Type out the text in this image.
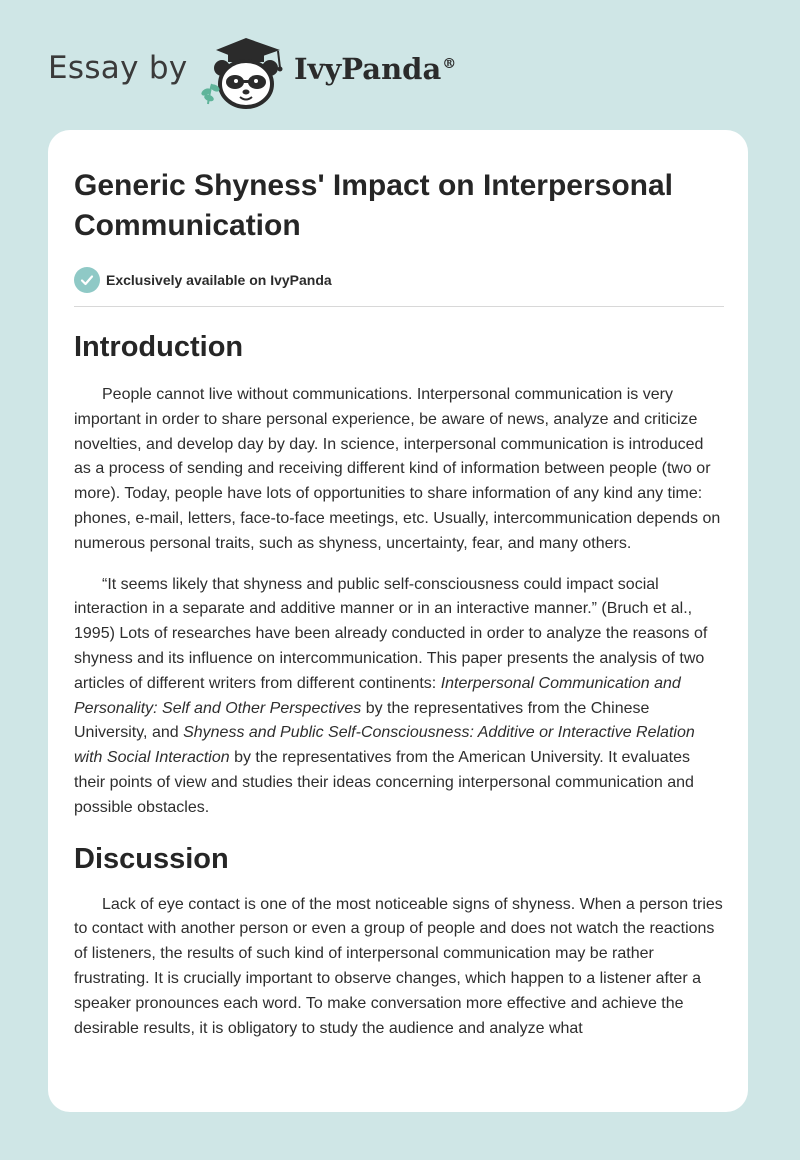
Essay by	IvyPanda®
Generic Shyness' Impact on Interpersonal Communication
Exclusively available on IvyPanda
Introduction

People cannot live without communications. Interpersonal communication is very important in order to share personal experience, be aware of news, analyze and criticize novelties, and develop day by day. In science, interpersonal communication is introduced as a process of sending and receiving different kind of information between people (two or more). Today, people have lots of opportunities to share information of any kind any time: phones, e-mail, letters, face-to-face meetings, etc. Usually, intercommunication depends on numerous personal traits, such as shyness, uncertainty, fear, and many others.

“It seems likely that shyness and public self-consciousness could impact social interaction in a separate and additive manner or in an interactive manner.” (Bruch et al., 1995) Lots of researches have been already conducted in order to analyze the reasons of shyness and its influence on intercommunication. This paper presents the analysis of two articles of different writers from different continents: Interpersonal Communication and Personality: Self and Other Perspectives by the representatives from the Chinese University, and Shyness and Public Self-Consciousness: Additive or Interactive Relation with Social Interaction by the representatives from the American University. It evaluates their points of view and studies their ideas concerning interpersonal communication and possible obstacles.

Discussion

Lack of eye contact is one of the most noticeable signs of shyness. When a person tries to contact with another person or even a group of people and does not watch the reactions of listeners, the results of such kind of interpersonal communication may be rather frustrating. It is crucially important to observe changes, which happen to a listener after a speaker pronounces each word. To make conversation more effective and achieve the desirable results, it is obligatory to study the audience and analyze what
